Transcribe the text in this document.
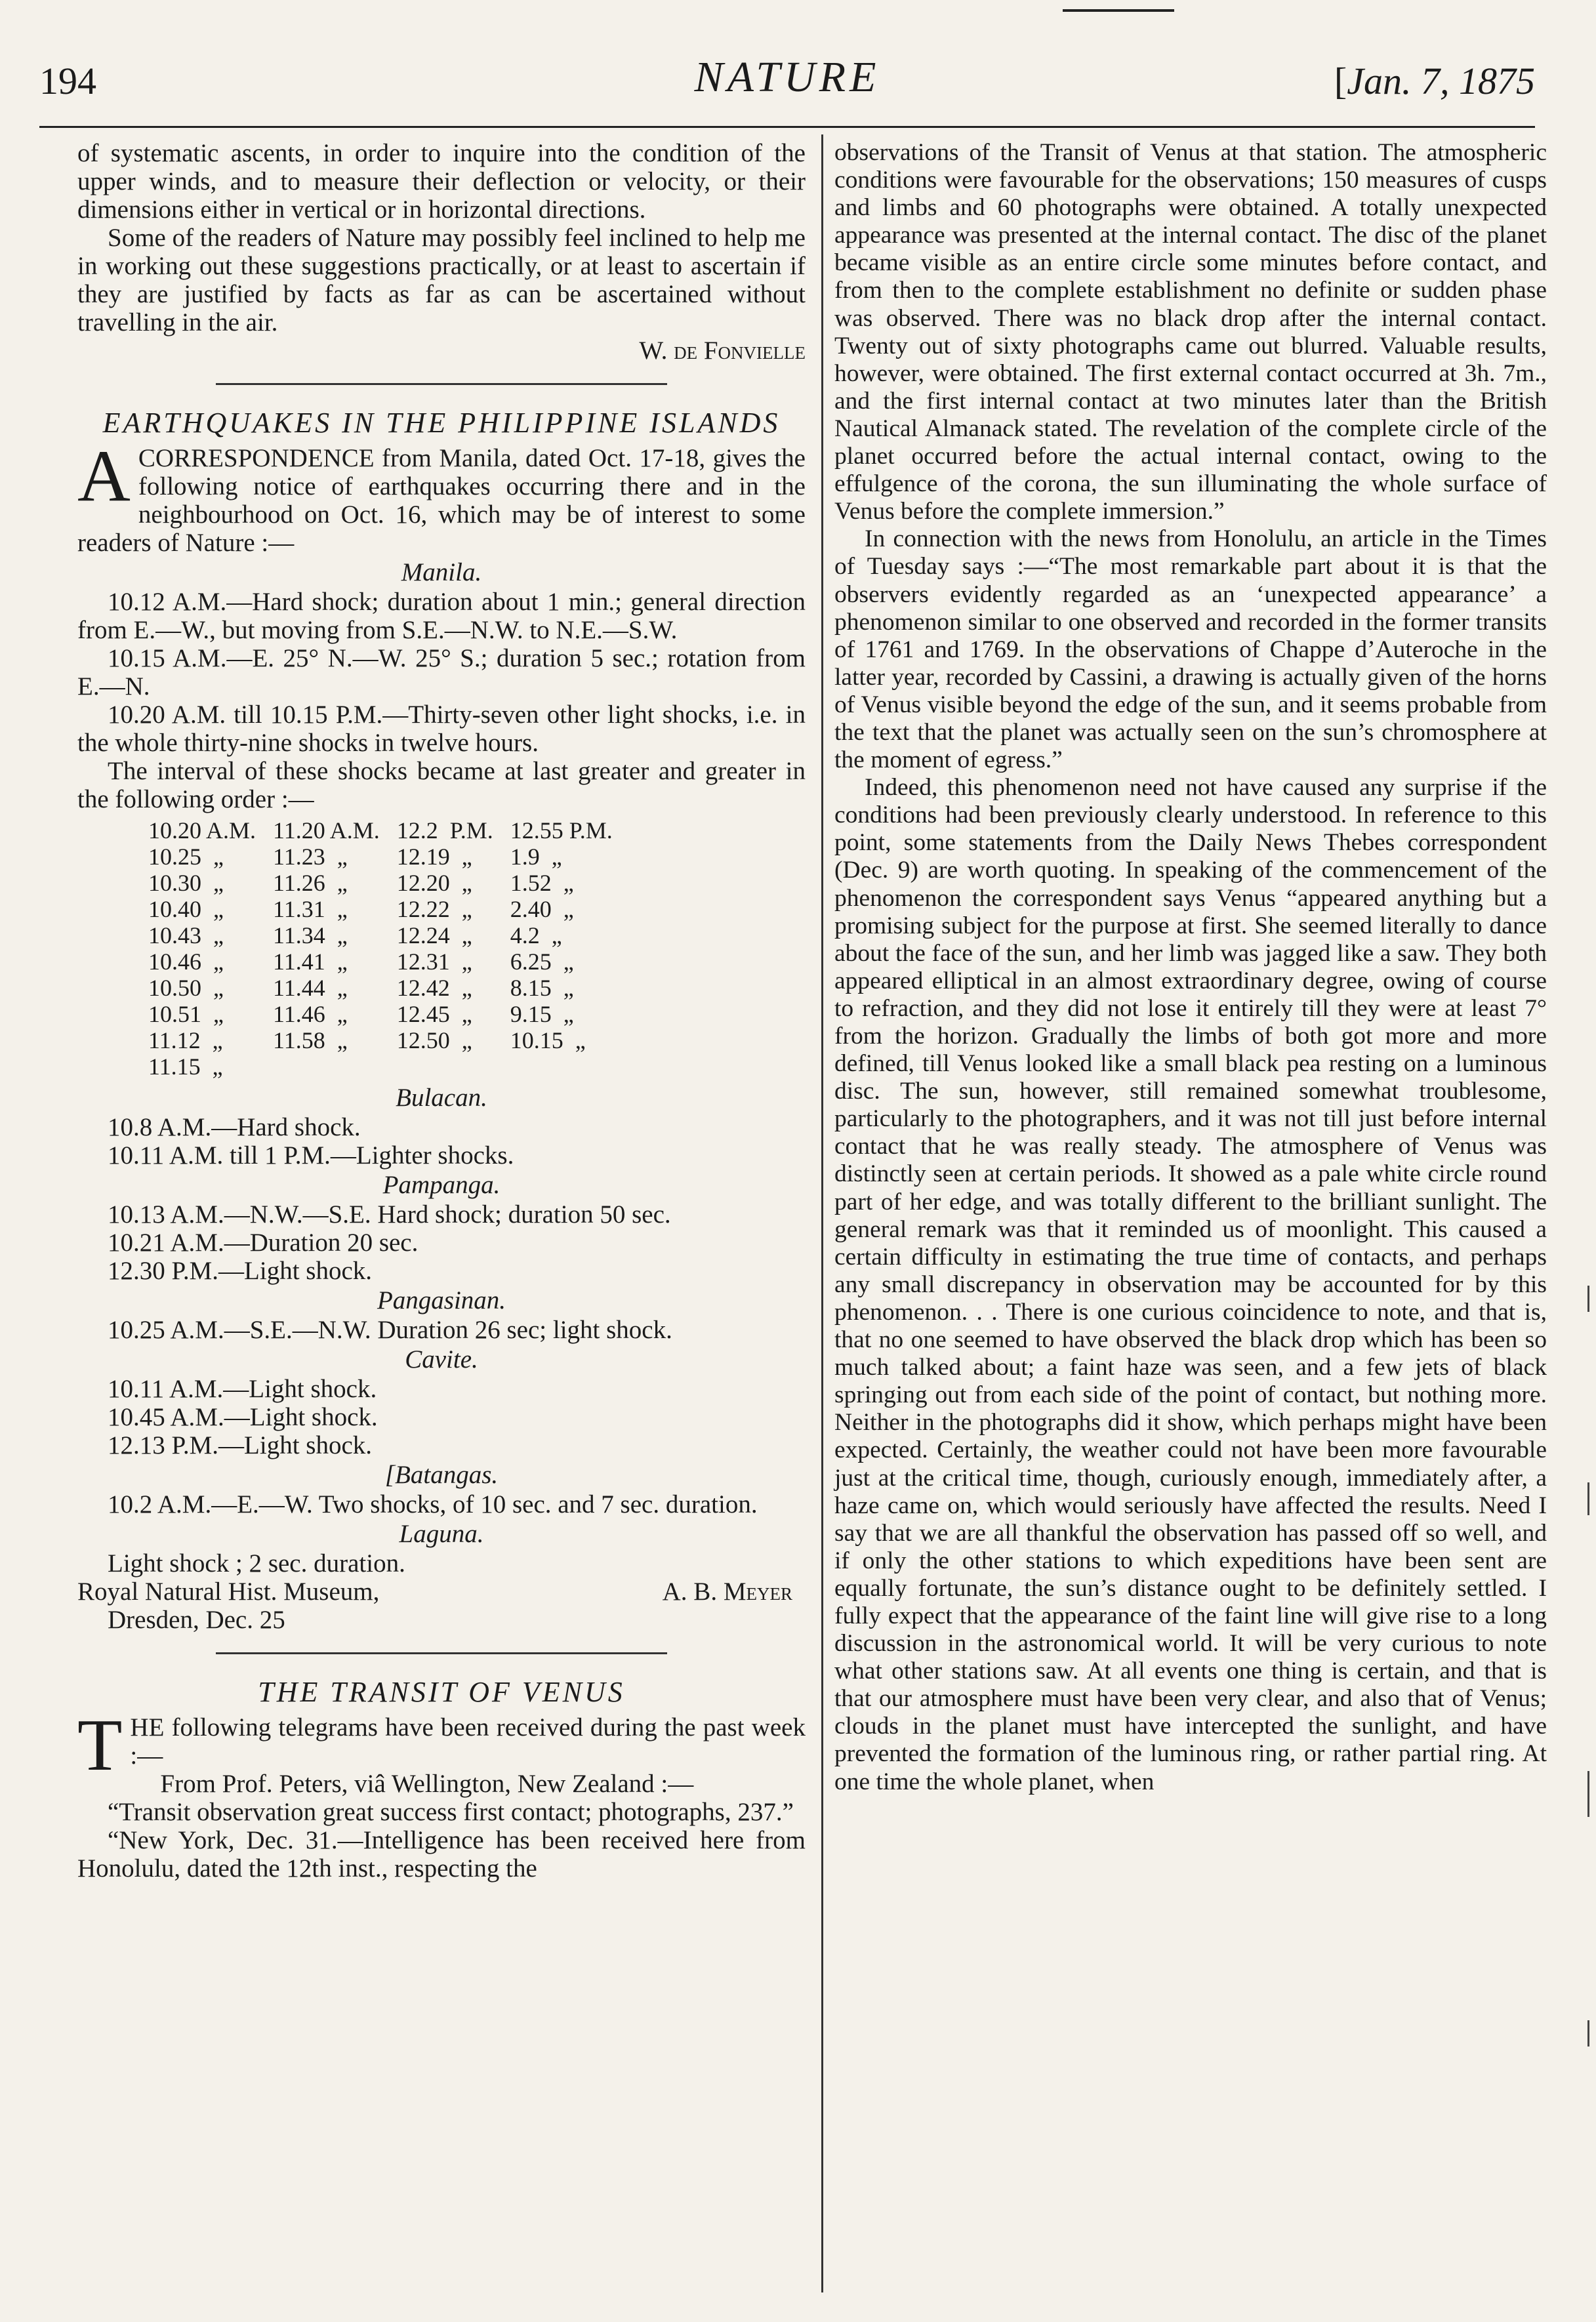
194	NATURE	[Jan. 7, 1875

of systematic ascents, in order to inquire into the condition of the upper winds, and to measure their deflection or velocity, or their dimensions either in vertical or in horizontal directions.

Some of the readers of Nature may possibly feel inclined to help me in working out these suggestions practically, or at least to ascertain if they are justified by facts as far as can be ascertained without travelling in the air.

W. de Fonvielle
EARTHQUAKES IN THE PHILIPPINE ISLANDS

ACORRESPONDENCE from Manila, dated Oct. 17-18, gives the following notice of earthquakes occurring there and in the neighbourhood on Oct. 16, which may be of interest to some readers of Nature :—

Manila.

10.12 A.M.—Hard shock; duration about 1 min.; general direction from E.—W., but moving from S.E.—N.W. to N.E.—S.W.

10.15 A.M.—E. 25° N.—W. 25° S.; duration 5 sec.; rotation from E.—N.

10.20 A.M. till 10.15 P.M.—Thirty-seven other light shocks, i.e. in the whole thirty-nine shocks in twelve hours.

The interval of these shocks became at last greater and greater in the following order :—

10.20 A.M.	11.20 A.M.	12.2  P.M.	12.55 P.M.
10.25  „	11.23  „	12.19  „	1.9  „
10.30  „	11.26  „	12.20  „	1.52  „
10.40  „	11.31  „	12.22  „	2.40  „
10.43  „	11.34  „	12.24  „	4.2  „
10.46  „	11.41  „	12.31  „	6.25  „
10.50  „	11.44  „	12.42  „	8.15  „
10.51  „	11.46  „	12.45  „	9.15  „
11.12  „	11.58  „	12.50  „	10.15  „
11.15  „			
Bulacan.

10.8 A.M.—Hard shock.

10.11 A.M. till 1 P.M.—Lighter shocks.

Pampanga.

10.13 A.M.—N.W.—S.E. Hard shock; duration 50 sec.

10.21 A.M.—Duration 20 sec.

12.30 P.M.—Light shock.

Pangasinan.

10.25 A.M.—S.E.—N.W. Duration 26 sec; light shock.

Cavite.

10.11 A.M.—Light shock.

10.45 A.M.—Light shock.

12.13 P.M.—Light shock.

[Batangas.

10.2 A.M.—E.—W. Two shocks, of 10 sec. and 7 sec. duration.

Laguna.

Light shock ; 2 sec. duration.

Royal Natural Hist. Museum,	A. B. Meyer

Dresden, Dec. 25

THE TRANSIT OF VENUS

THE following telegrams have been received during the past week :—

From Prof. Peters, viâ Wellington, New Zealand :—

“Transit observation great success first contact; photographs, 237.”

“New York, Dec. 31.—Intelligence has been received here from Honolulu, dated the 12th inst., respecting the

observations of the Transit of Venus at that station. The atmospheric conditions were favourable for the observations; 150 measures of cusps and limbs and 60 photographs were obtained. A totally unexpected appearance was presented at the internal contact. The disc of the planet became visible as an entire circle some minutes before contact, and from then to the complete establishment no definite or sudden phase was observed. There was no black drop after the internal contact. Twenty out of sixty photographs came out blurred. Valuable results, however, were obtained. The first external contact occurred at 3h. 7m., and the first internal contact at two minutes later than the British Nautical Almanack stated. The revelation of the complete circle of the planet occurred before the actual internal contact, owing to the effulgence of the corona, the sun illuminating the whole surface of Venus before the complete immersion.”

In connection with the news from Honolulu, an article in the Times of Tuesday says :—“The most remarkable part about it is that the observers evidently regarded as an ‘unexpected appearance’ a phenomenon similar to one observed and recorded in the former transits of 1761 and 1769. In the observations of Chappe d’Auteroche in the latter year, recorded by Cassini, a drawing is actually given of the horns of Venus visible beyond the edge of the sun, and it seems probable from the text that the planet was actually seen on the sun’s chromosphere at the moment of egress.”

Indeed, this phenomenon need not have caused any surprise if the conditions had been previously clearly understood. In reference to this point, some statements from the Daily News Thebes correspondent (Dec. 9) are worth quoting. In speaking of the commencement of the phenomenon the correspondent says Venus “appeared anything but a promising subject for the purpose at first. She seemed literally to dance about the face of the sun, and her limb was jagged like a saw. They both appeared elliptical in an almost extraordinary degree, owing of course to refraction, and they did not lose it entirely till they were at least 7° from the horizon. Gradually the limbs of both got more and more defined, till Venus looked like a small black pea resting on a luminous disc. The sun, however, still remained somewhat troublesome, particularly to the photographers, and it was not till just before internal contact that he was really steady. The atmosphere of Venus was distinctly seen at certain periods. It showed as a pale white circle round part of her edge, and was totally different to the brilliant sunlight. The general remark was that it reminded us of moonlight. This caused a certain difficulty in estimating the true time of contacts, and perhaps any small discrepancy in observation may be accounted for by this phenomenon. . . There is one curious coincidence to note, and that is, that no one seemed to have observed the black drop which has been so much talked about; a faint haze was seen, and a few jets of black springing out from each side of the point of contact, but nothing more. Neither in the photographs did it show, which perhaps might have been expected. Certainly, the weather could not have been more favourable just at the critical time, though, curiously enough, immediately after, a haze came on, which would seriously have affected the results. Need I say that we are all thankful the observation has passed off so well, and if only the other stations to which expeditions have been sent are equally fortunate, the sun’s distance ought to be definitely settled. I fully expect that the appearance of the faint line will give rise to a long discussion in the astronomical world. It will be very curious to note what other stations saw. At all events one thing is certain, and that is that our atmosphere must have been very clear, and also that of Venus; clouds in the planet must have intercepted the sunlight, and have prevented the formation of the luminous ring, or rather partial ring. At one time the whole planet, when
